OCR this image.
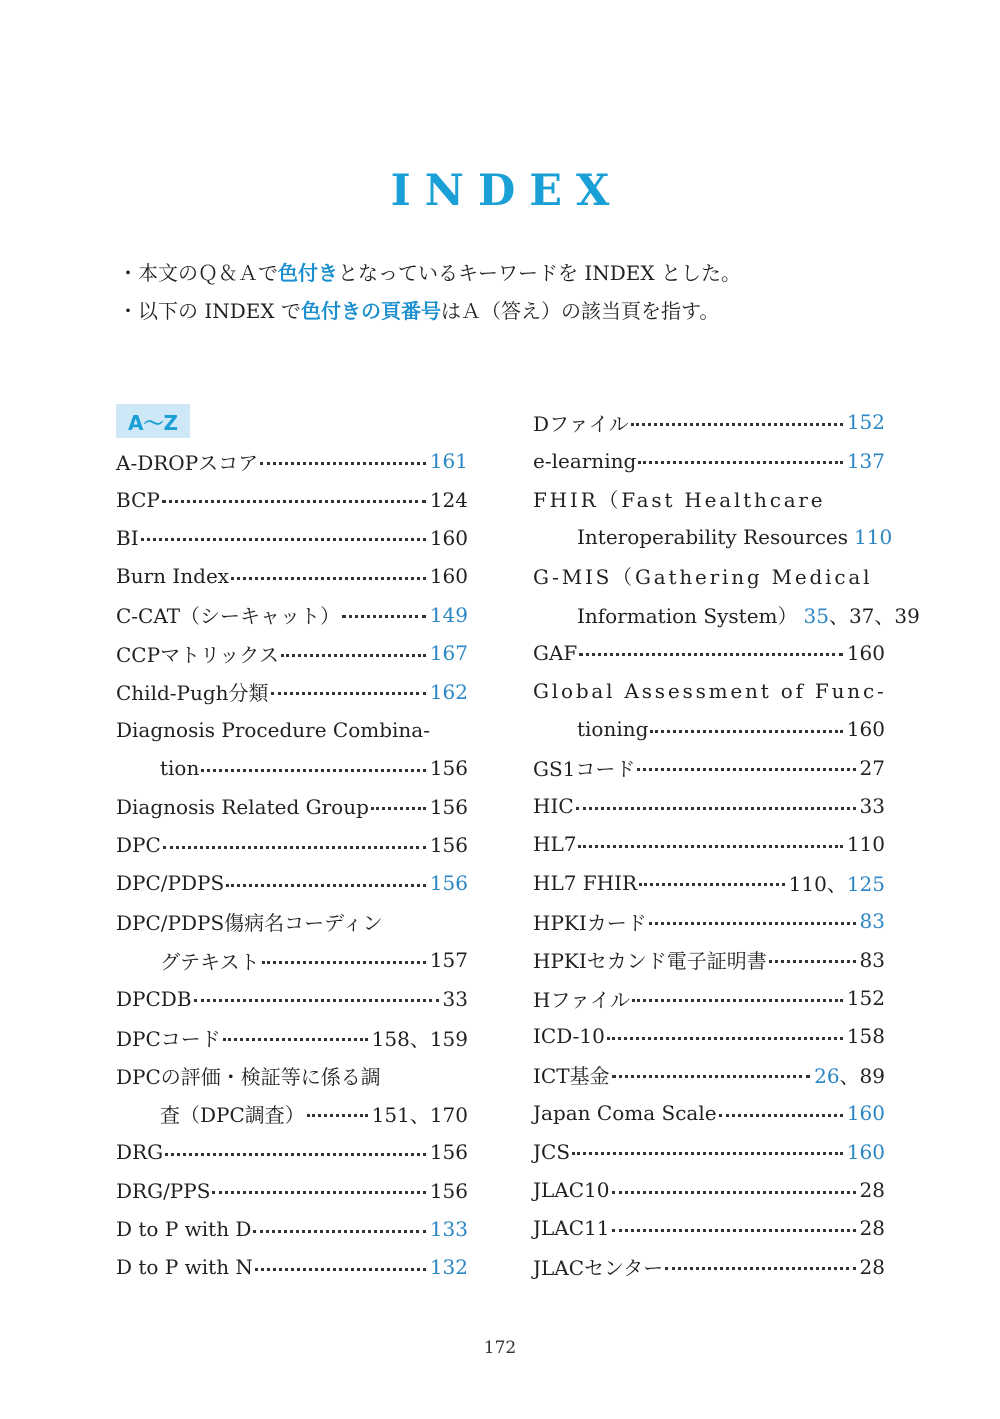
INDEX
・本文のＱ＆Ａで色付きとなっているキーワードを INDEX とした。
・以下の INDEX で色付きの頁番号はＡ（答え）の該当頁を指す。
A～Z
A-DROPスコア	161
BCP	124
BI	160
Burn Index	160
C-CAT（シーキャット）	149
CCPマトリックス	167
Child-Pugh分類	162
Diagnosis Procedure Combina-
tion	156
Diagnosis Related Group	156
DPC	156
DPC/PDPS	156
DPC/PDPS傷病名コーディン
グテキスト	157
DPCDB	33
DPCコード	158、159
DPCの評価・検証等に係る調
査（DPC調査）	151、170
DRG	156
DRG/PPS	156
D to P with D	133
D to P with N	132
Dファイル	152
e-learning	137
FHIR（Fast Healthcare
Interoperability Resources 110
G-MIS（Gathering Medical
Information System） 35、37、39
GAF	160
Global Assessment of Func-
tioning	160
GS1コード	27
HIC	33
HL7	110
HL7 FHIR	110、125
HPKIカード	83
HPKIセカンド電子証明書	83
Hファイル	152
ICD-10	158
ICT基金	26、89
Japan Coma Scale	160
JCS	160
JLAC10	28
JLAC11	28
JLACセンター	28
172
